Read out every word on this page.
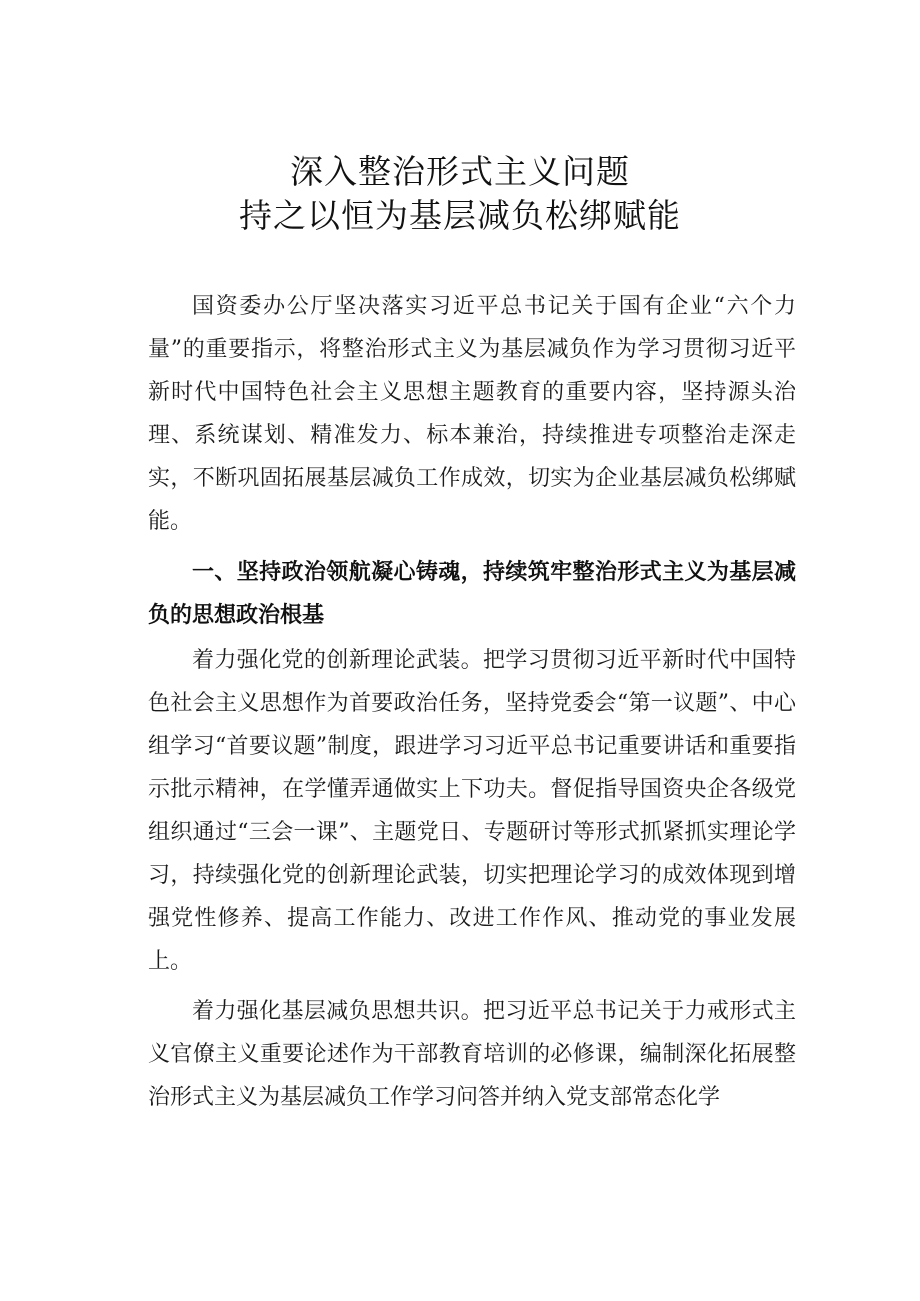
深入整治形式主义问题
持之以恒为基层减负松绑赋能

国资委办公厅坚决落实习近平总书记关于国有企业“六个力量”的重要指示，将整治形式主义为基层减负作为学习贯彻习近平新时代中国特色社会主义思想主题教育的重要内容，坚持源头治理、系统谋划、精准发力、标本兼治，持续推进专项整治走深走实，不断巩固拓展基层减负工作成效，切实为企业基层减负松绑赋能。

一、坚持政治领航凝心铸魂，持续筑牢整治形式主义为基层减负的思想政治根基

着力强化党的创新理论武装。把学习贯彻习近平新时代中国特色社会主义思想作为首要政治任务，坚持党委会“第一议题”、中心组学习“首要议题”制度，跟进学习习近平总书记重要讲话和重要指示批示精神，在学懂弄通做实上下功夫。督促指导国资央企各级党组织通过“三会一课”、主题党日、专题研讨等形式抓紧抓实理论学习，持续强化党的创新理论武装，切实把理论学习的成效体现到增强党性修养、提高工作能力、改进工作作风、推动党的事业发展上。

着力强化基层减负思想共识。把习近平总书记关于力戒形式主义官僚主义重要论述作为干部教育培训的必修课，编制深化拓展整治形式主义为基层减负工作学习问答并纳入党支部常态化学
